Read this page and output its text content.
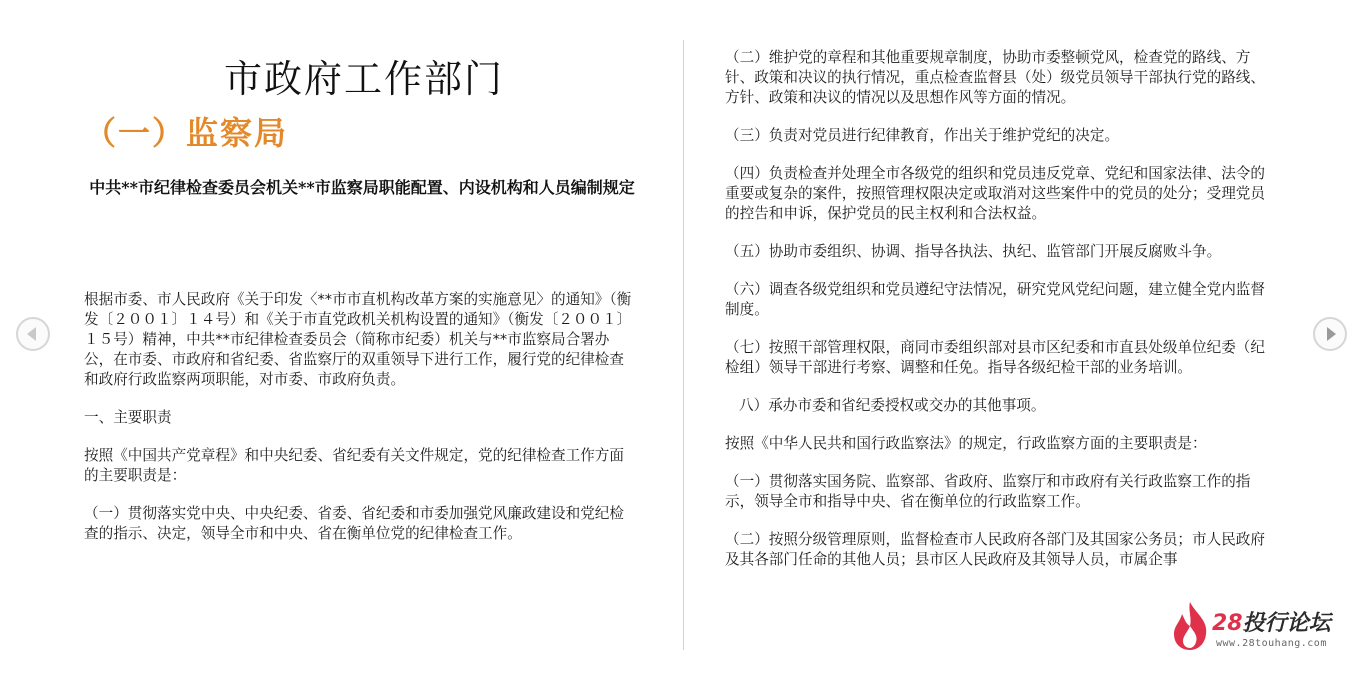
市政府工作部门
（一）监察局
中共**市纪律检查委员会机关**市监察局职能配置、内设机构和人员编制规定

根据市委、市人民政府《关于印发〈**市市直机构改革方案的实施意见〉的通知》（衡发〔２００１〕１４号）和《关于市直党政机关机构设置的通知》（衡发〔２００１〕１５号）精神，中共**市纪律检查委员会（简称市纪委）机关与**市监察局合署办公，在市委、市政府和省纪委、省监察厅的双重领导下进行工作，履行党的纪律检查和政府行政监察两项职能，对市委、市政府负责。

一、主要职责

按照《中国共产党章程》和中央纪委、省纪委有关文件规定，党的纪律检查工作方面的主要职责是：

（一）贯彻落实党中央、中央纪委、省委、省纪委和市委加强党风廉政建设和党纪检查的指示、决定，领导全市和中央、省在衡单位党的纪律检查工作。

（二）维护党的章程和其他重要规章制度，协助市委整顿党风，检查党的路线、方针、政策和决议的执行情况，重点检查监督县（处）级党员领导干部执行党的路线、方针、政策和决议的情况以及思想作风等方面的情况。

（三）负责对党员进行纪律教育，作出关于维护党纪的决定。

（四）负责检查并处理全市各级党的组织和党员违反党章、党纪和国家法律、法令的重要或复杂的案件，按照管理权限决定或取消对这些案件中的党员的处分；受理党员的控告和申诉，保护党员的民主权利和合法权益。

（五）协助市委组织、协调、指导各执法、执纪、监管部门开展反腐败斗争。

（六）调查各级党组织和党员遵纪守法情况，研究党风党纪问题，建立健全党内监督制度。

（七）按照干部管理权限，商同市委组织部对县市区纪委和市直县处级单位纪委（纪检组）领导干部进行考察、调整和任免。指导各级纪检干部的业务培训。

八）承办市委和省纪委授权或交办的其他事项。

按照《中华人民共和国行政监察法》的规定，行政监察方面的主要职责是：

（一）贯彻落实国务院、监察部、省政府、监察厅和市政府有关行政监察工作的指示，领导全市和指导中央、省在衡单位的行政监察工作。

（二）按照分级管理原则，监督检查市人民政府各部门及其国家公务员；市人民政府及其各部门任命的其他人员；县市区人民政府及其领导人员，市属企事

28投行论坛
www.28touhang.com
